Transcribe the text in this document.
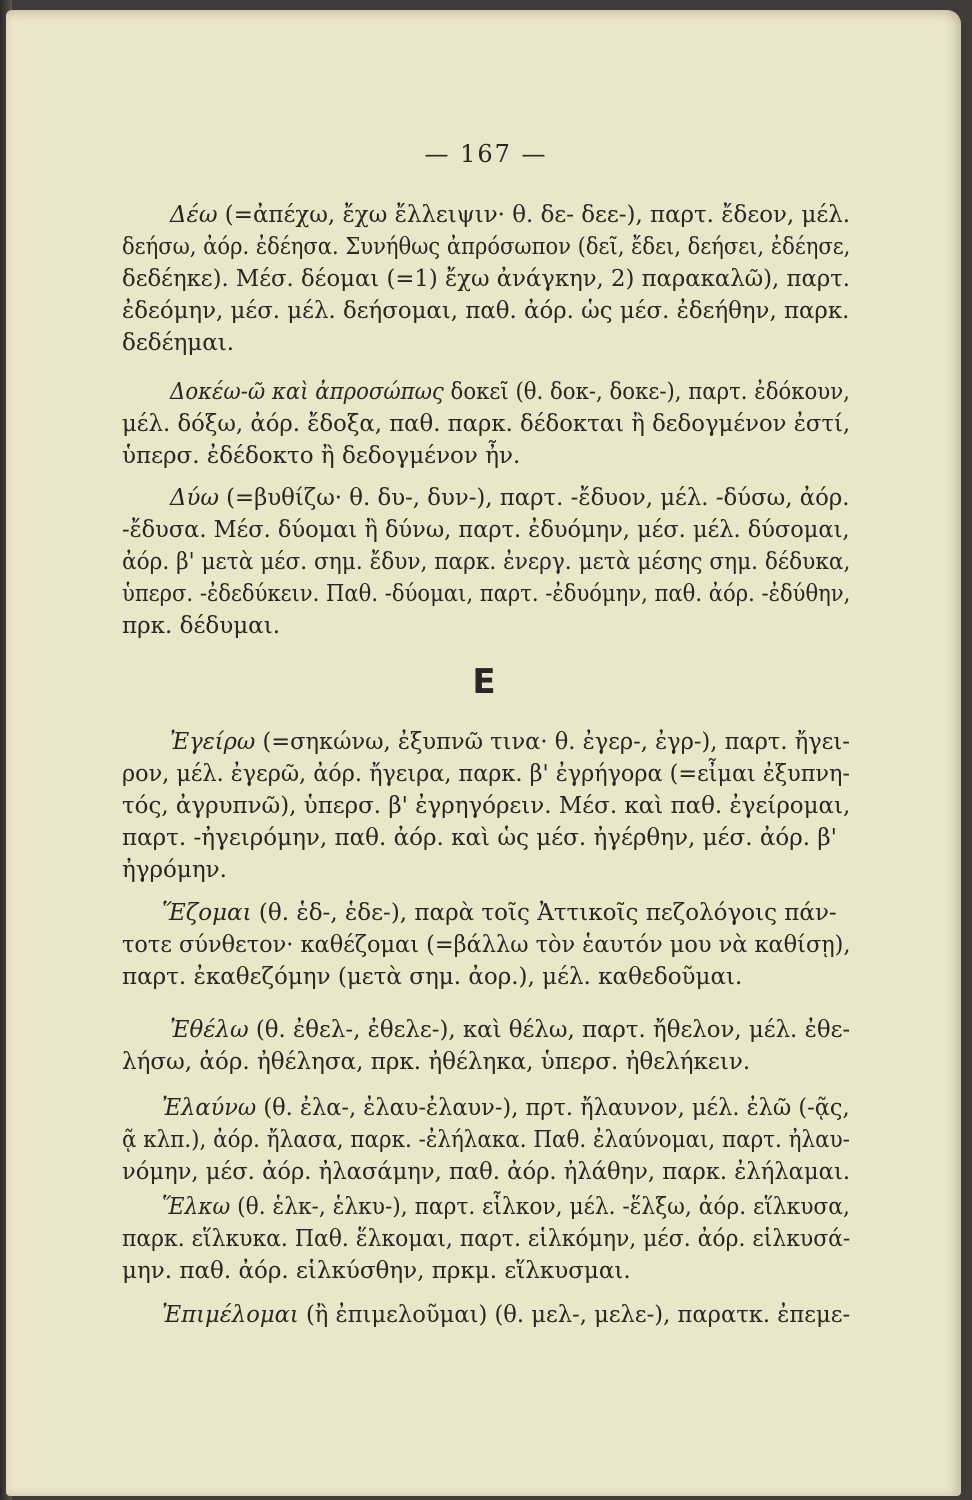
— 167 —
E
Δέω (=ἀπέχω, ἔχω ἔλλειψιν· θ. δε- δεε-), παρτ. ἔδεον, μέλ.
δεήσω, ἀόρ. ἐδέησα. Συνήθως ἀπρόσωπον (δεῖ, ἔδει, δεήσει, ἐδέησε,
δεδέηκε). Μέσ. δέομαι (=1) ἔχω ἀνάγκην, 2) παρακαλῶ), παρτ.
ἐδεόμην, μέσ. μέλ. δεήσομαι, παθ. ἀόρ. ὡς μέσ. ἐδεήθην, παρκ.
δεδέημαι.
Δοκέω-ῶ καὶ ἀπροσώπως δοκεῖ (θ. δοκ-, δοκε-), παρτ. ἐδόκουν,
μέλ. δόξω, ἀόρ. ἔδοξα, παθ. παρκ. δέδοκται ἢ δεδογμένον ἐστί,
ὑπερσ. ἐδέδοκτο ἢ δεδογμένον ἦν.
Δύω (=βυθίζω· θ. δυ-, δυν-), παρτ. -ἔδυον, μέλ. -δύσω, ἀόρ.
-ἔδυσα. Μέσ. δύομαι ἢ δύνω, παρτ. ἐδυόμην, μέσ. μέλ. δύσομαι,
ἀόρ. β' μετὰ μέσ. σημ. ἔδυν, παρκ. ἐνεργ. μετὰ μέσης σημ. δέδυκα,
ὑπερσ. -ἐδεδύκειν. Παθ. -δύομαι, παρτ. -ἐδυόμην, παθ. ἀόρ. -ἐδύθην,
πρκ. δέδυμαι.
Ἐγείρω (=σηκώνω, ἐξυπνῶ τινα· θ. ἐγερ-, ἐγρ-), παρτ. ἤγει-
ρον, μέλ. ἐγερῶ, ἀόρ. ἤγειρα, παρκ. β' ἐγρήγορα (=εἶμαι ἐξυπνη-
τός, ἀγρυπνῶ), ὑπερσ. β' ἐγρηγόρειν. Μέσ. καὶ παθ. ἐγείρομαι,
παρτ. -ἠγειρόμην, παθ. ἀόρ. καὶ ὡς μέσ. ἠγέρθην, μέσ. ἀόρ. β'
ἠγρόμην.
Ἕζομαι (θ. ἑδ-, ἑδε-), παρὰ τοῖς Ἀττικοῖς πεζολόγοις πάν-
τοτε σύνθετον· καθέζομαι (=βάλλω τὸν ἑαυτόν μου νὰ καθίσῃ),
παρτ. ἐκαθεζόμην (μετὰ σημ. ἀορ.), μέλ. καθεδοῦμαι.
Ἐθέλω (θ. ἐθελ-, ἐθελε-), καὶ θέλω, παρτ. ἤθελον, μέλ. ἐθε-
λήσω, ἀόρ. ἠθέλησα, πρκ. ἠθέληκα, ὑπερσ. ἠθελήκειν.
Ἐλαύνω (θ. ἐλα-, ἐλαυ-ἐλαυν-), πρτ. ἤλαυνον, μέλ. ἐλῶ (-ᾷς,
ᾷ κλπ.), ἀόρ. ἤλασα, παρκ. -ἐλήλακα. Παθ. ἐλαύνομαι, παρτ. ἠλαυ-
νόμην, μέσ. ἀόρ. ἠλασάμην, παθ. ἀόρ. ἠλάθην, παρκ. ἐλήλαμαι.
Ἕλκω (θ. ἑλκ-, ἑλκυ-), παρτ. εἷλκον, μέλ. -ἕλξω, ἀόρ. εἵλκυσα,
παρκ. εἵλκυκα. Παθ. ἕλκομαι, παρτ. εἱλκόμην, μέσ. ἀόρ. εἱλκυσά-
μην. παθ. ἀόρ. εἱλκύσθην, πρκμ. εἵλκυσμαι.
Ἐπιμέλομαι (ἢ ἐπιμελοῦμαι) (θ. μελ-, μελε-), παρατκ. ἐπεμε-
